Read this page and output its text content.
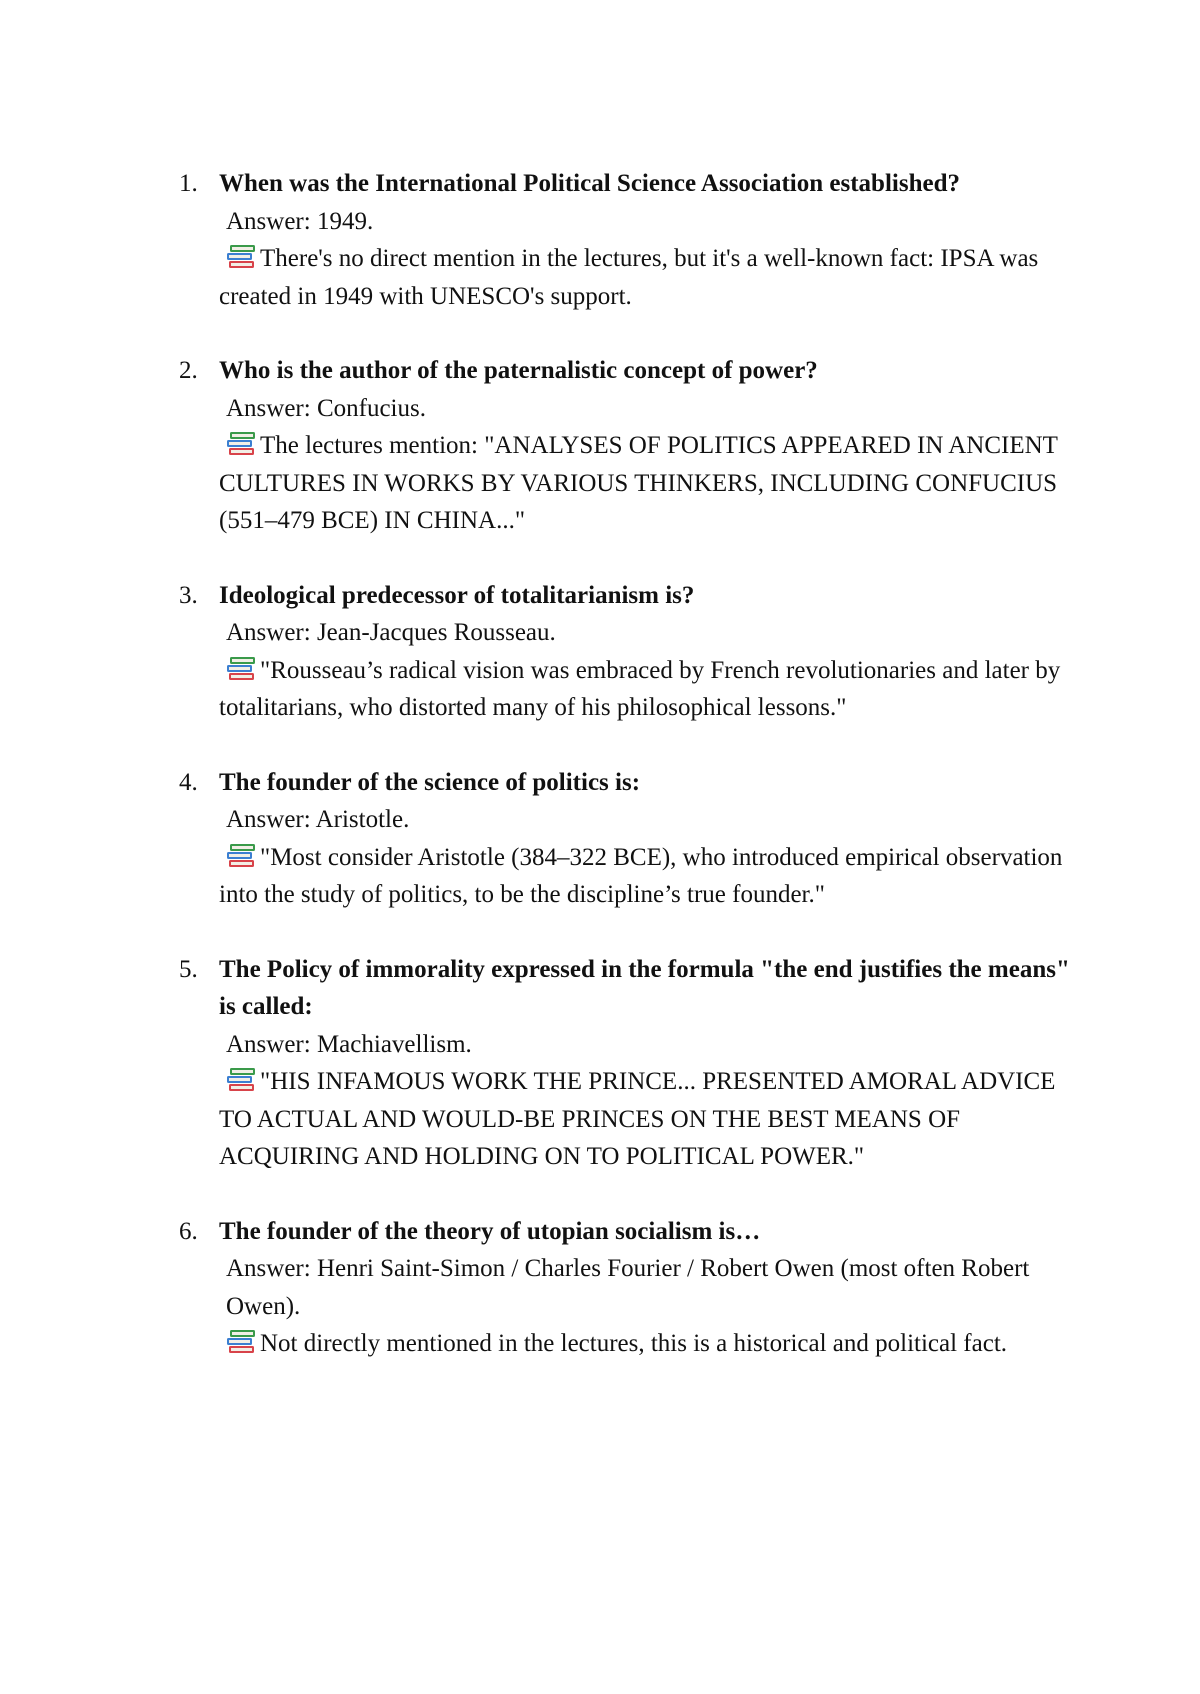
1. When was the International Political Science Association established?
Answer: 1949.
There's no direct mention in the lectures, but it's a well-known fact: IPSA was created in 1949 with UNESCO's support.
2. Who is the author of the paternalistic concept of power?
Answer: Confucius.
The lectures mention: "ANALYSES OF POLITICS APPEARED IN ANCIENT CULTURES IN WORKS BY VARIOUS THINKERS, INCLUDING CONFUCIUS (551–479 BCE) IN CHINA..."
3. Ideological predecessor of totalitarianism is?
Answer: Jean-Jacques Rousseau.
"Rousseau’s radical vision was embraced by French revolutionaries and later by totalitarians, who distorted many of his philosophical lessons."
4. The founder of the science of politics is:
Answer: Aristotle.
"Most consider Aristotle (384–322 BCE), who introduced empirical observation into the study of politics, to be the discipline’s true founder."
5. The Policy of immorality expressed in the formula "the end justifies the means" is called:
Answer: Machiavellism.
"HIS INFAMOUS WORK THE PRINCE... PRESENTED AMORAL ADVICE TO ACTUAL AND WOULD-BE PRINCES ON THE BEST MEANS OF ACQUIRING AND HOLDING ON TO POLITICAL POWER."
6. The founder of the theory of utopian socialism is…
Answer: Henri Saint-Simon / Charles Fourier / Robert Owen (most often Robert Owen).
Not directly mentioned in the lectures, this is a historical and political fact.
